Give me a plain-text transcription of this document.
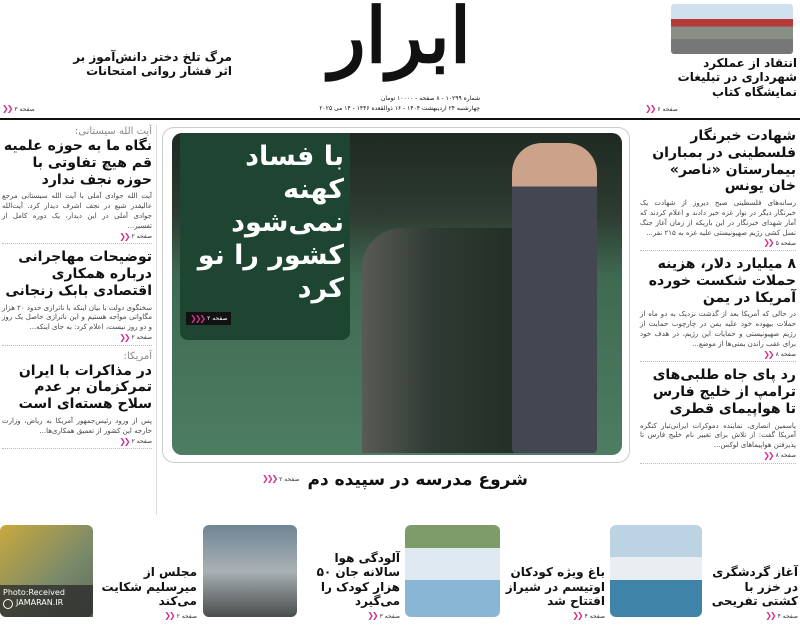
ابرار
شماره ۱۰۲۹۹ - ۸ صفحه - ۱۰۰۰۰ تومان
چهارشنبه ۲۴ اردیبهشت ۱۴۰۴ - ۱۶ ذوالقعده ۱۴۴۶ - ۱۴ می ۲۰۲۵
انتقاد از عملکرد شهرداری در تبلیغات نمایشگاه کتاب
صفحه ۶
❮❮
مرگ تلخ دختر دانش‌آموز بر اثر فشار روانی امتحانات
صفحه ۳
❮❮
آیت الله سیستانی:
نگاه ما به حوزه علمیه قم هیچ تفاوتی با حوزه نجف ندارد
آیت الله جوادی آملی با آیت الله سیستانی مرجع عالیقدر شیع در نجف اشرف دیدار کرد. آیت‌الله جوادی آملی در این دیدار، یک دوره کامل از تفسیر...
صفحه ۲
❮❮
توضیحات مهاجرانی درباره همکاری اقتصادی بابک زنجانی
سخنگوی دولت با بیان اینکه با ناترازی حدود ۲۰ هزار مگاواتی مواجه هستیم و این ناترازی حاصل یک روز و دو روز نیست، اعلام کرد: به جای اینکه...
صفحه ۲
❮❮
آمریکا:
در مذاکرات با ایران تمرکزمان بر عدم سلاح هسته‌ای است
پس از ورود رئیس‌جمهور آمریکا به ریاض، وزارت خارجه این کشور از تعمیق همکاری‌ها...
صفحه ۲
❮❮
با فساد کهنه نمی‌شود کشور را نو کرد
صفحه ۲
❮❮❮
شروع مدرسه در سپیده دم
صفحه ۲
❮❮❮
شهادت خبرنگار فلسطینی در بمباران بیمارستان «ناصر» خان یونس
رسانه‌های فلسطینی صبح دیروز از شهادت یک خبرنگار دیگر در نوار غزه خبر دادند و اعلام کردند که آمار شهدای خبرنگار در این باریکه از زمان آغاز جنگ نسل کشی رژیم صهیونیستی علیه غزه به ۲۱۵ نفر...
صفحه ۵
❮❮
۸ میلیارد دلار، هزینه حملات شکست خورده آمریکا در یمن
در حالی که آمریکا بعد از گذشت نزدیک به دو ماه از حملات بیهوده خود علیه یمن در چارچوب حمایت از رژیم صهیونیستی و حمایات این رژیم، در هدف خود برای عقب راندن یمنی‌ها از موضع...
صفحه ۸
❮❮
رد پای جاه طلبی‌های ترامپ از خلیج فارس تا هواپیمای قطری
یاسمین انصاری، نماینده دموکرات ایرانی‌تبار کنگره آمریکا گفت: از تلاش برای تغییر نام خلیج فارس تا پذیرفتن هواپیماهای لوکس...
صفحه ۸
❮❮
آغاز گردشگری در خزر با کشتی تفریحی
صفحه ۴
❮❮
باغ ویژه کودکان اوتیسم در شیراز افتتاح شد
صفحه ۴
❮❮
آلودگی هوا سالانه جان ۵۰ هزار کودک را می‌گیرد
صفحه ۳
❮❮
مجلس از میرسلیم شکایت می‌کند
صفحه ۲
❮❮
Photo:Received
JAMARAN.IR
